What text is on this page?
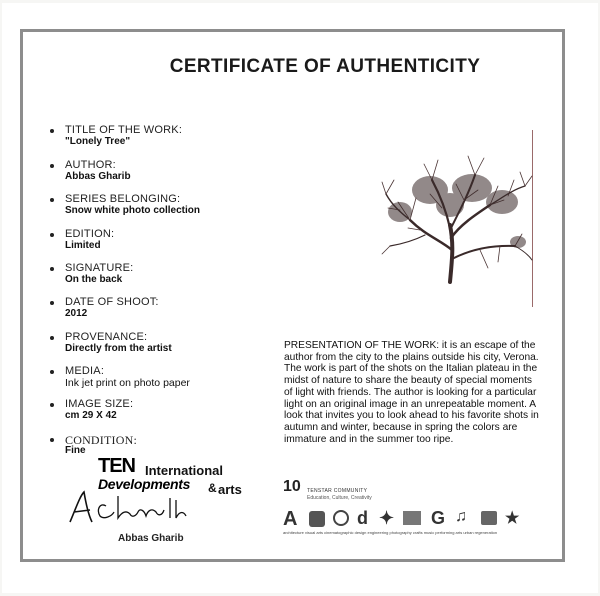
CERTIFICATE OF AUTHENTICITY
TITLE OF THE WORK:
"Lonely Tree"
AUTHOR:
Abbas Gharib
SERIES BELONGING:
Snow white photo collection
EDITION:
Limited
SIGNATURE:
On the back
DATE OF SHOOT:
2012
PROVENANCE:
Directly from the artist
MEDIA:
Ink jet print on photo paper
IMAGE SIZE:
cm 29 X 42
CONDITION:
Fine
PRESENTATION OF THE WORK: it is an escape of the author from the city to the plains outside his city, Verona. The work is part of the shots on the Italian plateau in the midst of nature to share the beauty of special moments of light with friends. The author is looking for a particular light on an original image in an unrepeatable moment. A look that invites you to look ahead to his favorite shots in autumn and winter, because in spring the colors are immature and in the summer too ripe.
TEN International
Developments & arts
Abbas Gharib
10 TENSTAR COMMUNITY
Education, Culture, Creativity
A	d ✦ G ♫ ★
architecture visual arts cinematographic design engineering photography crafts music performing arts urban regeneration
